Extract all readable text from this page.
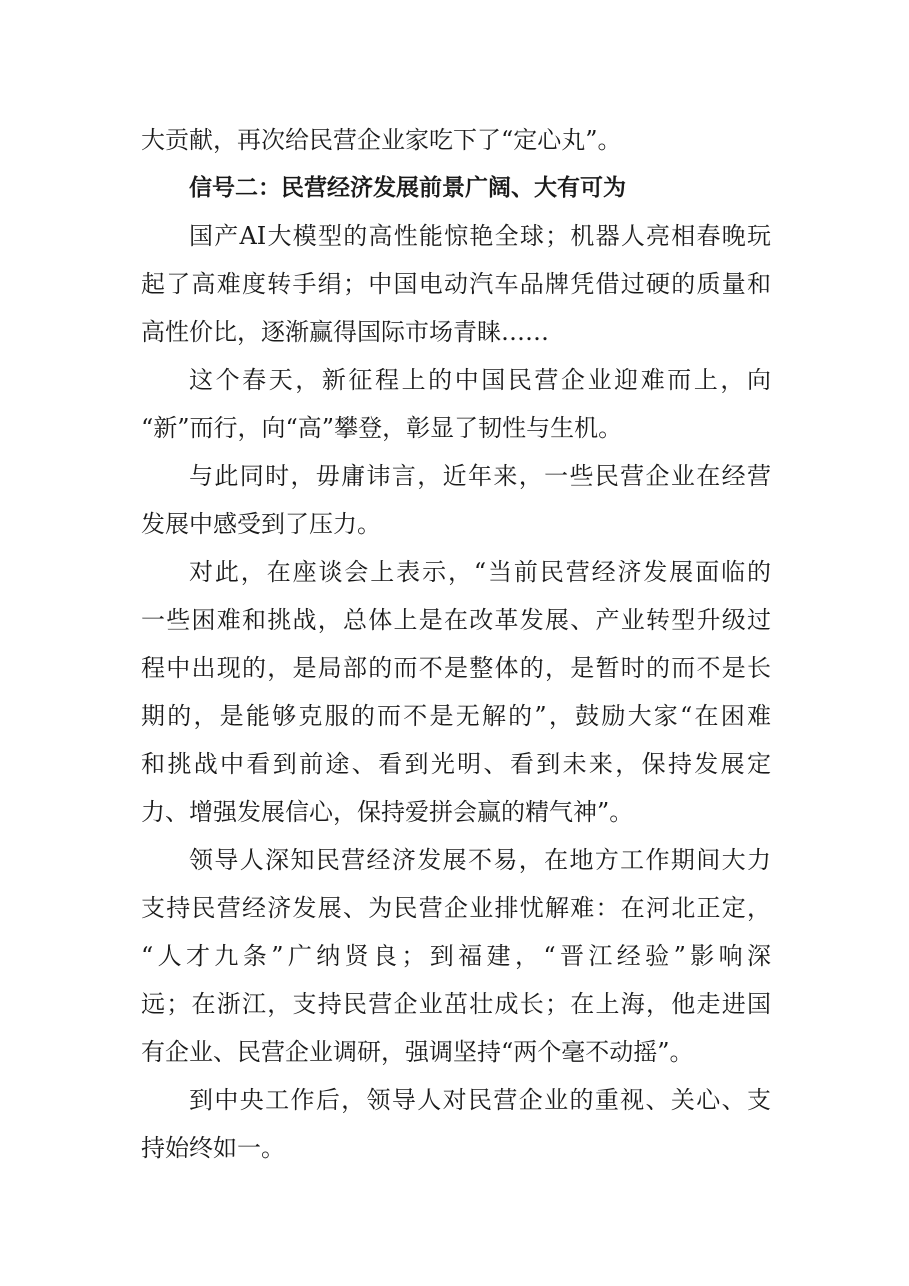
大贡献，再次给民营企业家吃下了“定心丸”。
信号二：民营经济发展前景广阔、大有可为
国产AI大模型的高性能惊艳全球；机器人亮相春晚玩
起了高难度转手绢；中国电动汽车品牌凭借过硬的质量和
高性价比，逐渐赢得国际市场青睐……
这个春天，新征程上的中国民营企业迎难而上，向
“新”而行，向“高”攀登，彰显了韧性与生机。
与此同时，毋庸讳言，近年来，一些民营企业在经营
发展中感受到了压力。
对此，在座谈会上表示，“当前民营经济发展面临的
一些困难和挑战，总体上是在改革发展、产业转型升级过
程中出现的，是局部的而不是整体的，是暂时的而不是长
期的，是能够克服的而不是无解的”，鼓励大家“在困难
和挑战中看到前途、看到光明、看到未来，保持发展定
力、增强发展信心，保持爱拼会赢的精气神”。
领导人深知民营经济发展不易，在地方工作期间大力
支持民营经济发展、为民营企业排忧解难：在河北正定，
“人才九条”广纳贤良；到福建，“晋江经验”影响深
远；在浙江，支持民营企业茁壮成长；在上海，他走进国
有企业、民营企业调研，强调坚持“两个毫不动摇”。
到中央工作后，领导人对民营企业的重视、关心、支
持始终如一。
